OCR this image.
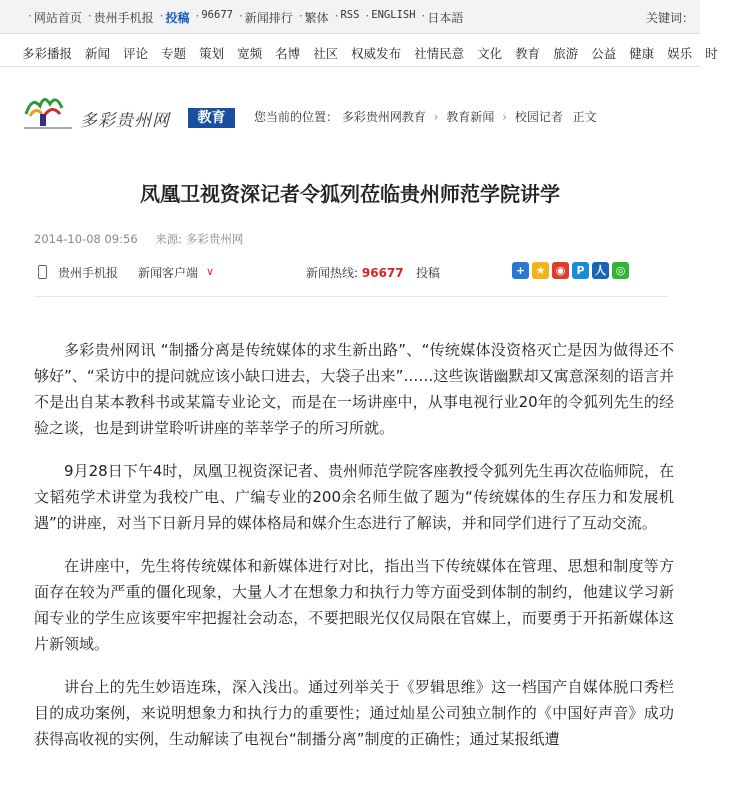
· 网站首页 · 贵州手机报 · 投稿 · 96677 · 新闻排行 · 繁体 · RSS · ENGLISH · 日本語	关键词：
多彩播报 新闻 评论 专题 策划 宽频 名博 社区 权威发布 社情民意 文化 教育 旅游 公益 健康 娱乐 时
多彩贵州网	教育	您当前的位置： 多彩贵州网教育 › 教育新闻 › 校园记者 正文
凤凰卫视资深记者令狐列莅临贵州师范学院讲学
2014-10-08 09:56 来源: 多彩贵州网
贵州手机报 新闻客户端 ∨	新闻热线: 96677 投稿	+ ★ ◉	P 人 ◎

多彩贵州网讯 “制播分离是传统媒体的求生新出路”、“传统媒体没资格灭亡是因为做得还不够好”、“采访中的提问就应该小缺口进去，大袋子出来”……这些诙谐幽默却又寓意深刻的语言并不是出自某本教科书或某篇专业论文，而是在一场讲座中，从事电视行业20年的令狐列先生的经验之谈，也是到讲堂聆听讲座的莘莘学子的所习所就。

9月28日下午4时，凤凰卫视资深记者、贵州师范学院客座教授令狐列先生再次莅临师院，在文韬苑学术讲堂为我校广电、广编专业的200余名师生做了题为“传统媒体的生存压力和发展机遇”的讲座，对当下日新月异的媒体格局和媒介生态进行了解读，并和同学们进行了互动交流。

在讲座中，先生将传统媒体和新媒体进行对比，指出当下传统媒体在管理、思想和制度等方面存在较为严重的僵化现象，大量人才在想象力和执行力等方面受到体制的制约，他建议学习新闻专业的学生应该要牢牢把握社会动态，不要把眼光仅仅局限在官媒上，而要勇于开拓新媒体这片新领域。

讲台上的先生妙语连珠，深入浅出。通过列举关于《罗辑思维》这一档国产自媒体脱口秀栏目的成功案例，来说明想象力和执行力的重要性；通过灿星公司独立制作的《中国好声音》成功获得高收视的实例，生动解读了电视台“制播分离”制度的正确性；通过某报纸遭
